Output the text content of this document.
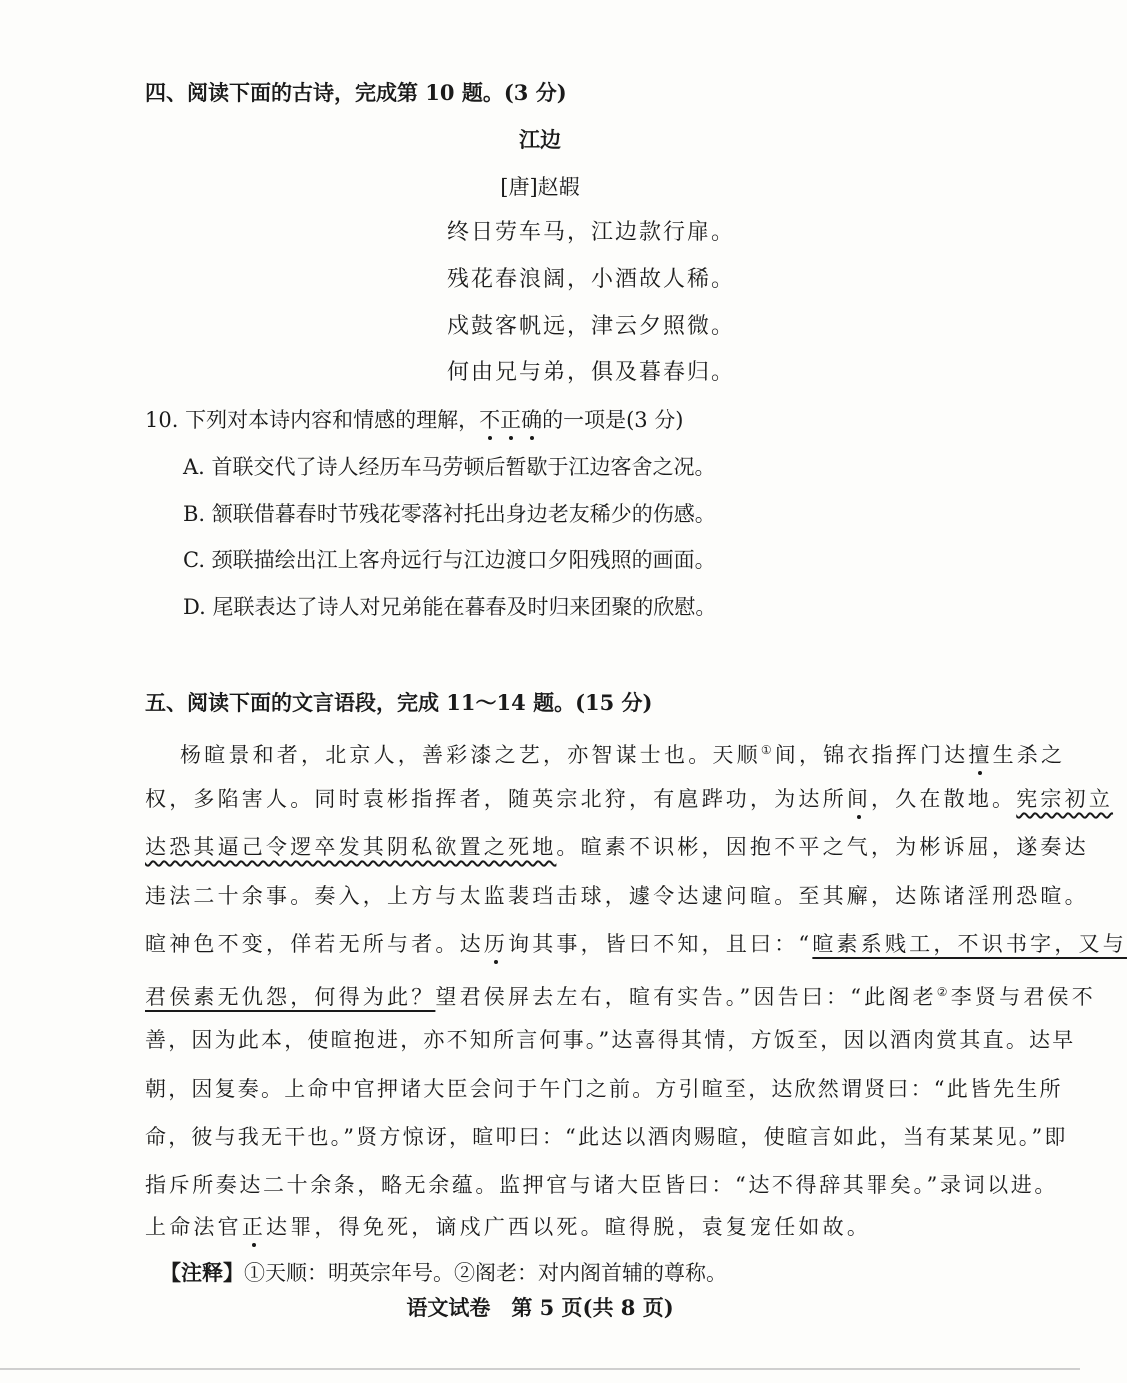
四、阅读下面的古诗，完成第 10 题。(3 分)
江边
[唐]赵嘏
终日劳车马，江边款行扉。
残花春浪阔，小酒故人稀。
戍鼓客帆远，津云夕照微。
何由兄与弟，俱及暮春归。
10. 下列对本诗内容和情感的理解，不正确的一项是(3 分)
A. 首联交代了诗人经历车马劳顿后暂歇于江边客舍之况。
B. 颔联借暮春时节残花零落衬托出身边老友稀少的伤感。
C. 颈联描绘出江上客舟远行与江边渡口夕阳残照的画面。
D. 尾联表达了诗人对兄弟能在暮春及时归来团聚的欣慰。
五、阅读下面的文言语段，完成 11～14 题。(15 分)
杨暄景和者，北京人，善彩漆之艺，亦智谋士也。天顺①间，锦衣指挥门达擅生杀之
权，多陷害人。同时袁彬指挥者，随英宗北狩，有扈跸功，为达所间，久在散地。宪宗初立
达恐其逼己令逻卒发其阴私欲置之死地。暄素不识彬，因抱不平之气，为彬诉屈，遂奏达
违法二十余事。奏入，上方与太监裴珰击球，遽令达逮问暄。至其廨，达陈诸淫刑恐暄。
暄神色不变，佯若无所与者。达历询其事，皆曰不知，且曰：“暄素系贱工，不识书字，又与
君侯素无仇怨，何得为此？望君侯屏去左右，暄有实告。”因告曰：“此阁老②李贤与君侯不
善，因为此本，使暄抱进，亦不知所言何事。”达喜得其情，方饭至，因以酒肉赏其直。达早
朝，因复奏。上命中官押诸大臣会问于午门之前。方引暄至，达欣然谓贤曰：“此皆先生所
命，彼与我无干也。”贤方惊讶，暄叩曰：“此达以酒肉赐暄，使暄言如此，当有某某见。”即
指斥所奏达二十余条，略无余蕴。监押官与诸大臣皆曰：“达不得辞其罪矣。”录词以进。
上命法官正达罪，得免死，谪戍广西以死。暄得脱，袁复宠任如故。
【注释】①天顺：明英宗年号。②阁老：对内阁首辅的尊称。
语文试卷　第 5 页(共 8 页)
